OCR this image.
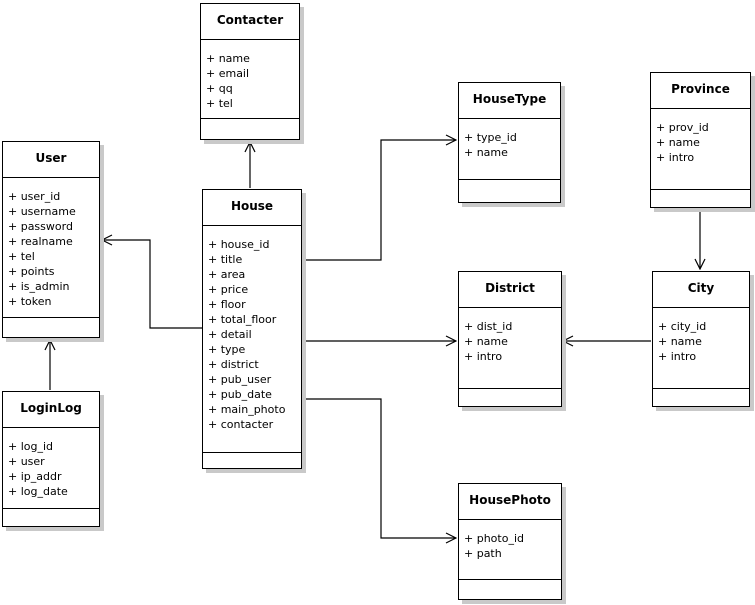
Contacter
+ name
+ email
+ qq
+ tel
User
+ user_id
+ username
+ password
+ realname
+ tel
+ points
+ is_admin
+ token
House
+ house_id
+ title
+ area
+ price
+ floor
+ total_floor
+ detail
+ type
+ district
+ pub_user
+ pub_date
+ main_photo
+ contacter
HouseType
+ type_id
+ name
Province
+ prov_id
+ name
+ intro
City
+ city_id
+ name
+ intro
District
+ dist_id
+ name
+ intro
LoginLog
+ log_id
+ user
+ ip_addr
+ log_date
HousePhoto
+ photo_id
+ path
